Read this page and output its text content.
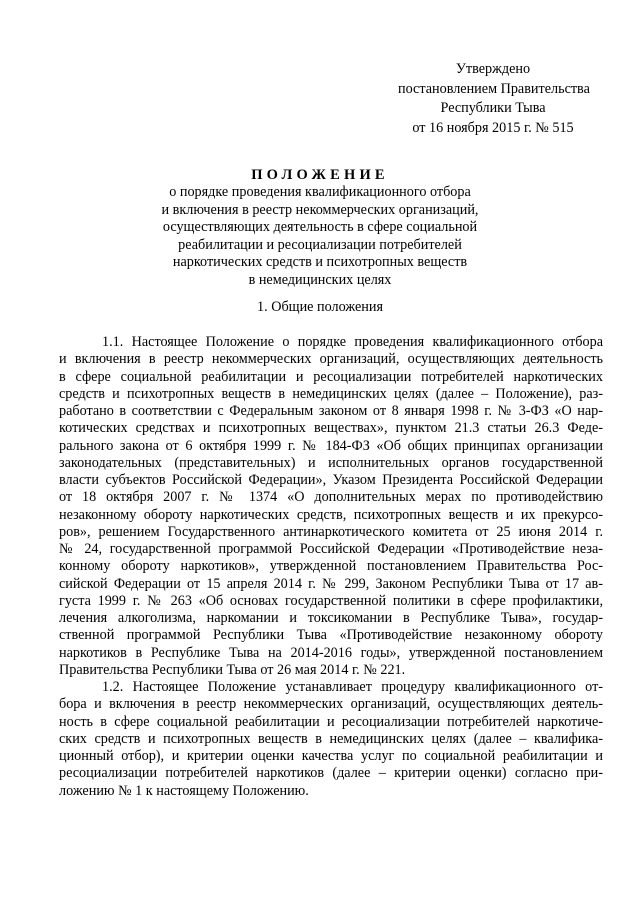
Утверждено
постановлением Правительства
Республики Тыва
от 16 ноября 2015 г. № 515
ПОЛОЖЕНИЕ
о порядке проведения квалификационного отбора
и включения в реестр некоммерческих организаций,
осуществляющих деятельность в сфере социальной
реабилитации и ресоциализации потребителей
наркотических средств и психотропных веществ
в немедицинских целях
1. Общие положения
1.1. Настоящее Положение о порядке проведения квалификационного отбора
и включения в реестр некоммерческих организаций, осуществляющих деятельность
в сфере социальной реабилитации и ресоциализации потребителей наркотических
средств и психотропных веществ в немедицинских целях (далее – Положение), раз-
работано в соответствии с Федеральным законом от 8 января 1998 г. № 3-ФЗ «О нар-
котических средствах и психотропных веществах», пунктом 21.3 статьи 26.3 Феде-
рального закона от 6 октября 1999 г. № 184-ФЗ «Об общих принципах организации
законодательных (представительных) и исполнительных органов государственной
власти субъектов Российской Федерации», Указом Президента Российской Федерации
от 18 октября 2007 г. № 1374 «О дополнительных мерах по противодействию
незаконному обороту наркотических средств, психотропных веществ и их прекурсо-
ров», решением Государственного антинаркотического комитета от 25 июня 2014 г.
№ 24, государственной программой Российской Федерации «Противодействие неза-
конному обороту наркотиков», утвержденной постановлением Правительства Рос-
сийской Федерации от 15 апреля 2014 г. № 299, Законом Республики Тыва от 17 ав-
густа 1999 г. № 263 «Об основах государственной политики в сфере профилактики,
лечения алкоголизма, наркомании и токсикомании в Республике Тыва», государ-
ственной программой Республики Тыва «Противодействие незаконному обороту
наркотиков в Республике Тыва на 2014-2016 годы», утвержденной постановлением
Правительства Республики Тыва от 26 мая 2014 г. № 221.
1.2. Настоящее Положение устанавливает процедуру квалификационного от-
бора и включения в реестр некоммерческих организаций, осуществляющих деятель-
ность в сфере социальной реабилитации и ресоциализации потребителей наркотиче-
ских средств и психотропных веществ в немедицинских целях (далее – квалифика-
ционный отбор), и критерии оценки качества услуг по социальной реабилитации и
ресоциализации потребителей наркотиков (далее – критерии оценки) согласно при-
ложению № 1 к настоящему Положению.
